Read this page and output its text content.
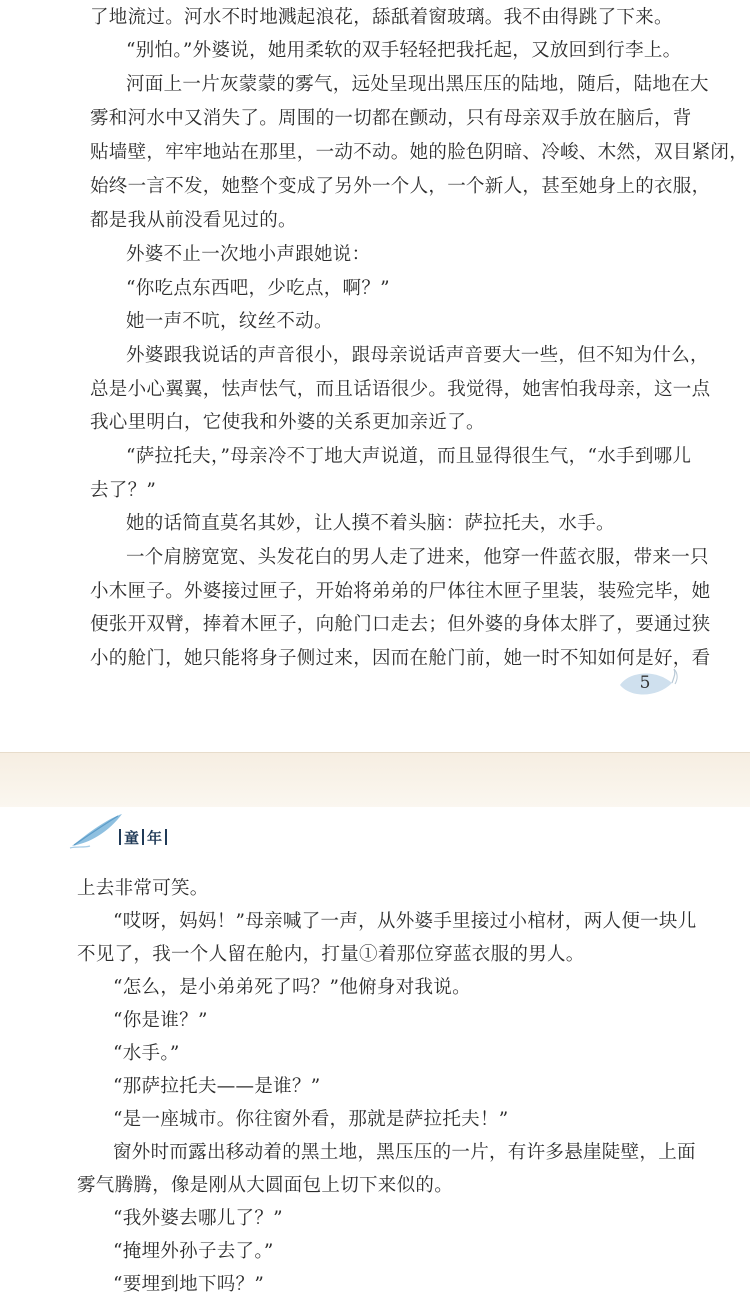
了地流过。河水不时地溅起浪花，舔舐着窗玻璃。我不由得跳了下来。
“别怕。”外婆说，她用柔软的双手轻轻把我托起，又放回到行李上。
河面上一片灰蒙蒙的雾气，远处呈现出黑压压的陆地，随后，陆地在大
雾和河水中又消失了。周围的一切都在颤动，只有母亲双手放在脑后，背
贴墙壁，牢牢地站在那里，一动不动。她的脸色阴暗、冷峻、木然，双目紧闭，
始终一言不发，她整个变成了另外一个人，一个新人，甚至她身上的衣服，
都是我从前没看见过的。
外婆不止一次地小声跟她说：
“你吃点东西吧，少吃点，啊？”
她一声不吭，纹丝不动。
外婆跟我说话的声音很小，跟母亲说话声音要大一些，但不知为什么，
总是小心翼翼，怯声怯气，而且话语很少。我觉得，她害怕我母亲，这一点
我心里明白，它使我和外婆的关系更加亲近了。
“萨拉托夫，”母亲冷不丁地大声说道，而且显得很生气，“水手到哪儿
去了？”
她的话简直莫名其妙，让人摸不着头脑：萨拉托夫，水手。
一个肩膀宽宽、头发花白的男人走了进来，他穿一件蓝衣服，带来一只
小木匣子。外婆接过匣子，开始将弟弟的尸体往木匣子里装，装殓完毕，她
便张开双臂，捧着木匣子，向舱门口走去；但外婆的身体太胖了，要通过狭
小的舱门，她只能将身子侧过来，因而在舱门前，她一时不知如何是好，看
5
童 年
上去非常可笑。
“哎呀，妈妈！”母亲喊了一声，从外婆手里接过小棺材，两人便一块儿
不见了，我一个人留在舱内，打量①着那位穿蓝衣服的男人。
“怎么，是小弟弟死了吗？”他俯身对我说。
“你是谁？”
“水手。”
“那萨拉托夫——是谁？”
“是一座城市。你往窗外看，那就是萨拉托夫！”
窗外时而露出移动着的黑土地，黑压压的一片，有许多悬崖陡壁，上面
雾气腾腾，像是刚从大圆面包上切下来似的。
“我外婆去哪儿了？”
“掩埋外孙子去了。”
“要埋到地下吗？”
